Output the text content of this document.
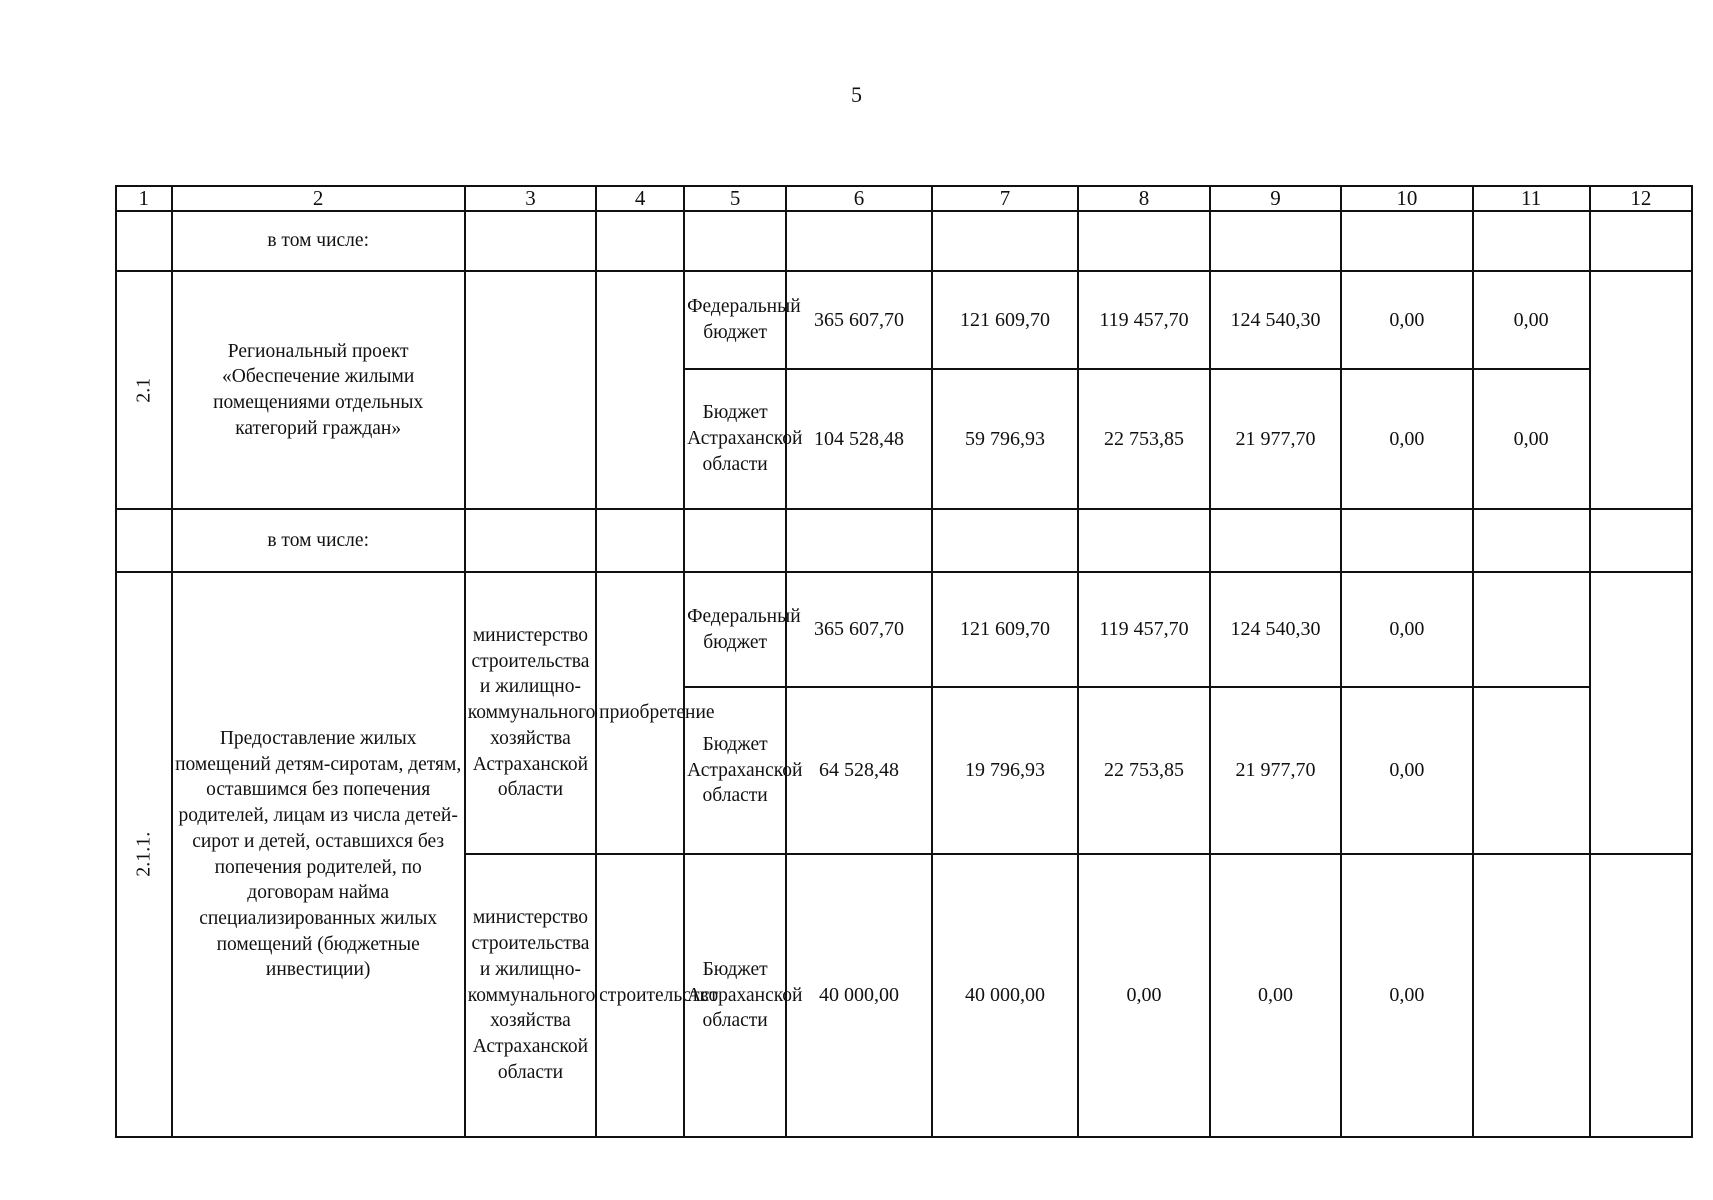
5
1	2	3	4	5	6	7	8	9	10	11	12
	в том числе:										
2.1	Региональный проект «Обеспечение жилыми помещениями отдельных категорий граждан»			Федеральный бюджет	365 607,70	121 609,70	119 457,70	124 540,30	0,00	0,00	
				Бюджет Астраханской области	104 528,48	59 796,93	22 753,85	21 977,70	0,00	0,00	
	в том числе:										
2.1.1.	Предоставление жилых помещений детям-сиротам, детям, оставшимся без попечения родителей, лицам из числа детей-сирот и детей, оставшихся без попечения родителей, по договорам найма специализированных жилых помещений (бюджетные инвестиции)	министерство строительства и жилищно-коммунального хозяйства Астраханской области	приобретение	Федеральный бюджет	365 607,70	121 609,70	119 457,70	124 540,30	0,00		
				Бюджет Астраханской области	64 528,48	19 796,93	22 753,85	21 977,70	0,00		
		министерство строительства и жилищно-коммунального хозяйства Астраханской области	строительство	Бюджет Астраханской области	40 000,00	40 000,00	0,00	0,00	0,00		
